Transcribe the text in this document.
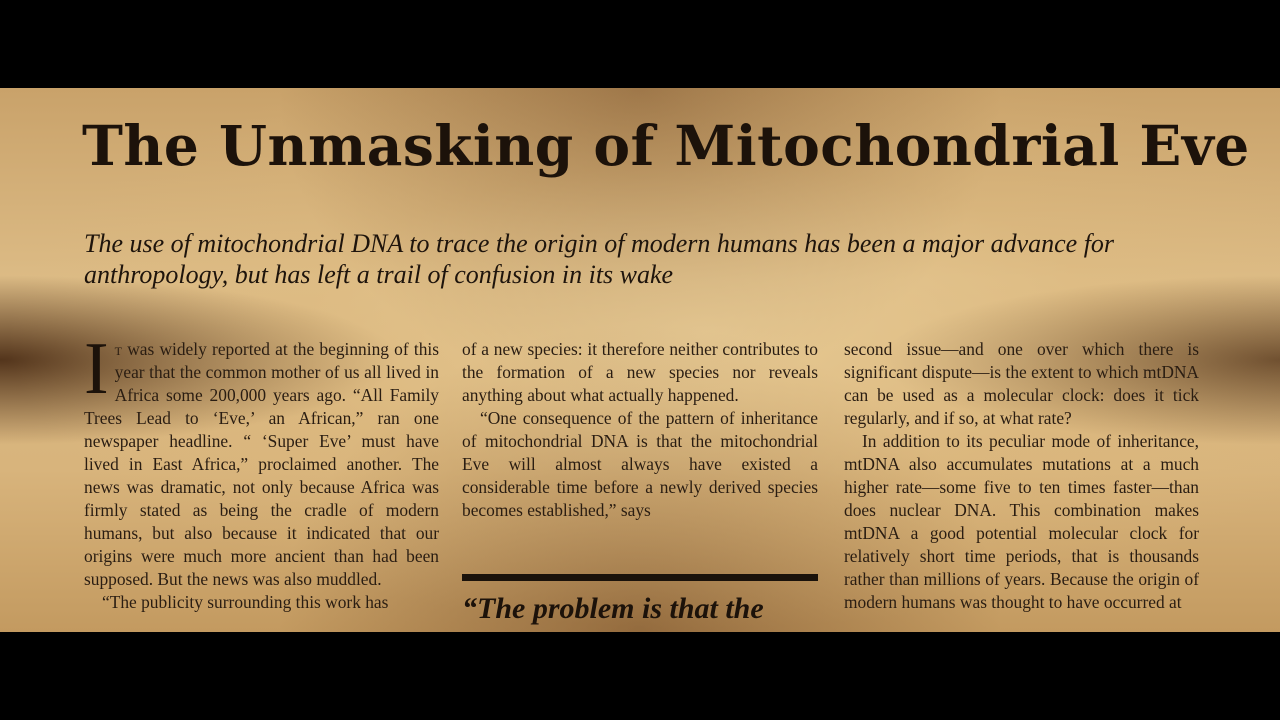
The Unmasking of Mitochondrial Eve

The use of mitochondrial DNA to trace the origin of modern humans has been a major advance for anthropology, but has left a trail of confusion in its wake

It was widely reported at the beginning of this year that the common mother of us all lived in Africa some 200,000 years ago. “All Family Trees Lead to ‘Eve,’ an African,” ran one newspaper headline. “ ‘Super Eve’ must have lived in East Africa,” proclaimed another. The news was dramatic, not only because Africa was firmly stated as being the cradle of modern humans, but also because it indicated that our origins were much more ancient than had been supposed. But the news was also muddled.

“The publicity surrounding this work has

of a new species: it therefore neither contributes to the formation of a new species nor reveals anything about what actually happened.

“One consequence of the pattern of inheritance of mitochondrial DNA is that the mitochondrial Eve will almost always have existed a considerable time before a newly derived species becomes established,” says

“The problem is that the

second issue—and one over which there is significant dispute—is the extent to which mtDNA can be used as a molecular clock: does it tick regularly, and if so, at what rate?

In addition to its peculiar mode of inheritance, mtDNA also accumulates mutations at a much higher rate—some five to ten times faster—than does nuclear DNA. This combination makes mtDNA a good potential molecular clock for relatively short time periods, that is thousands rather than millions of years. Because the origin of modern humans was thought to have occurred at
